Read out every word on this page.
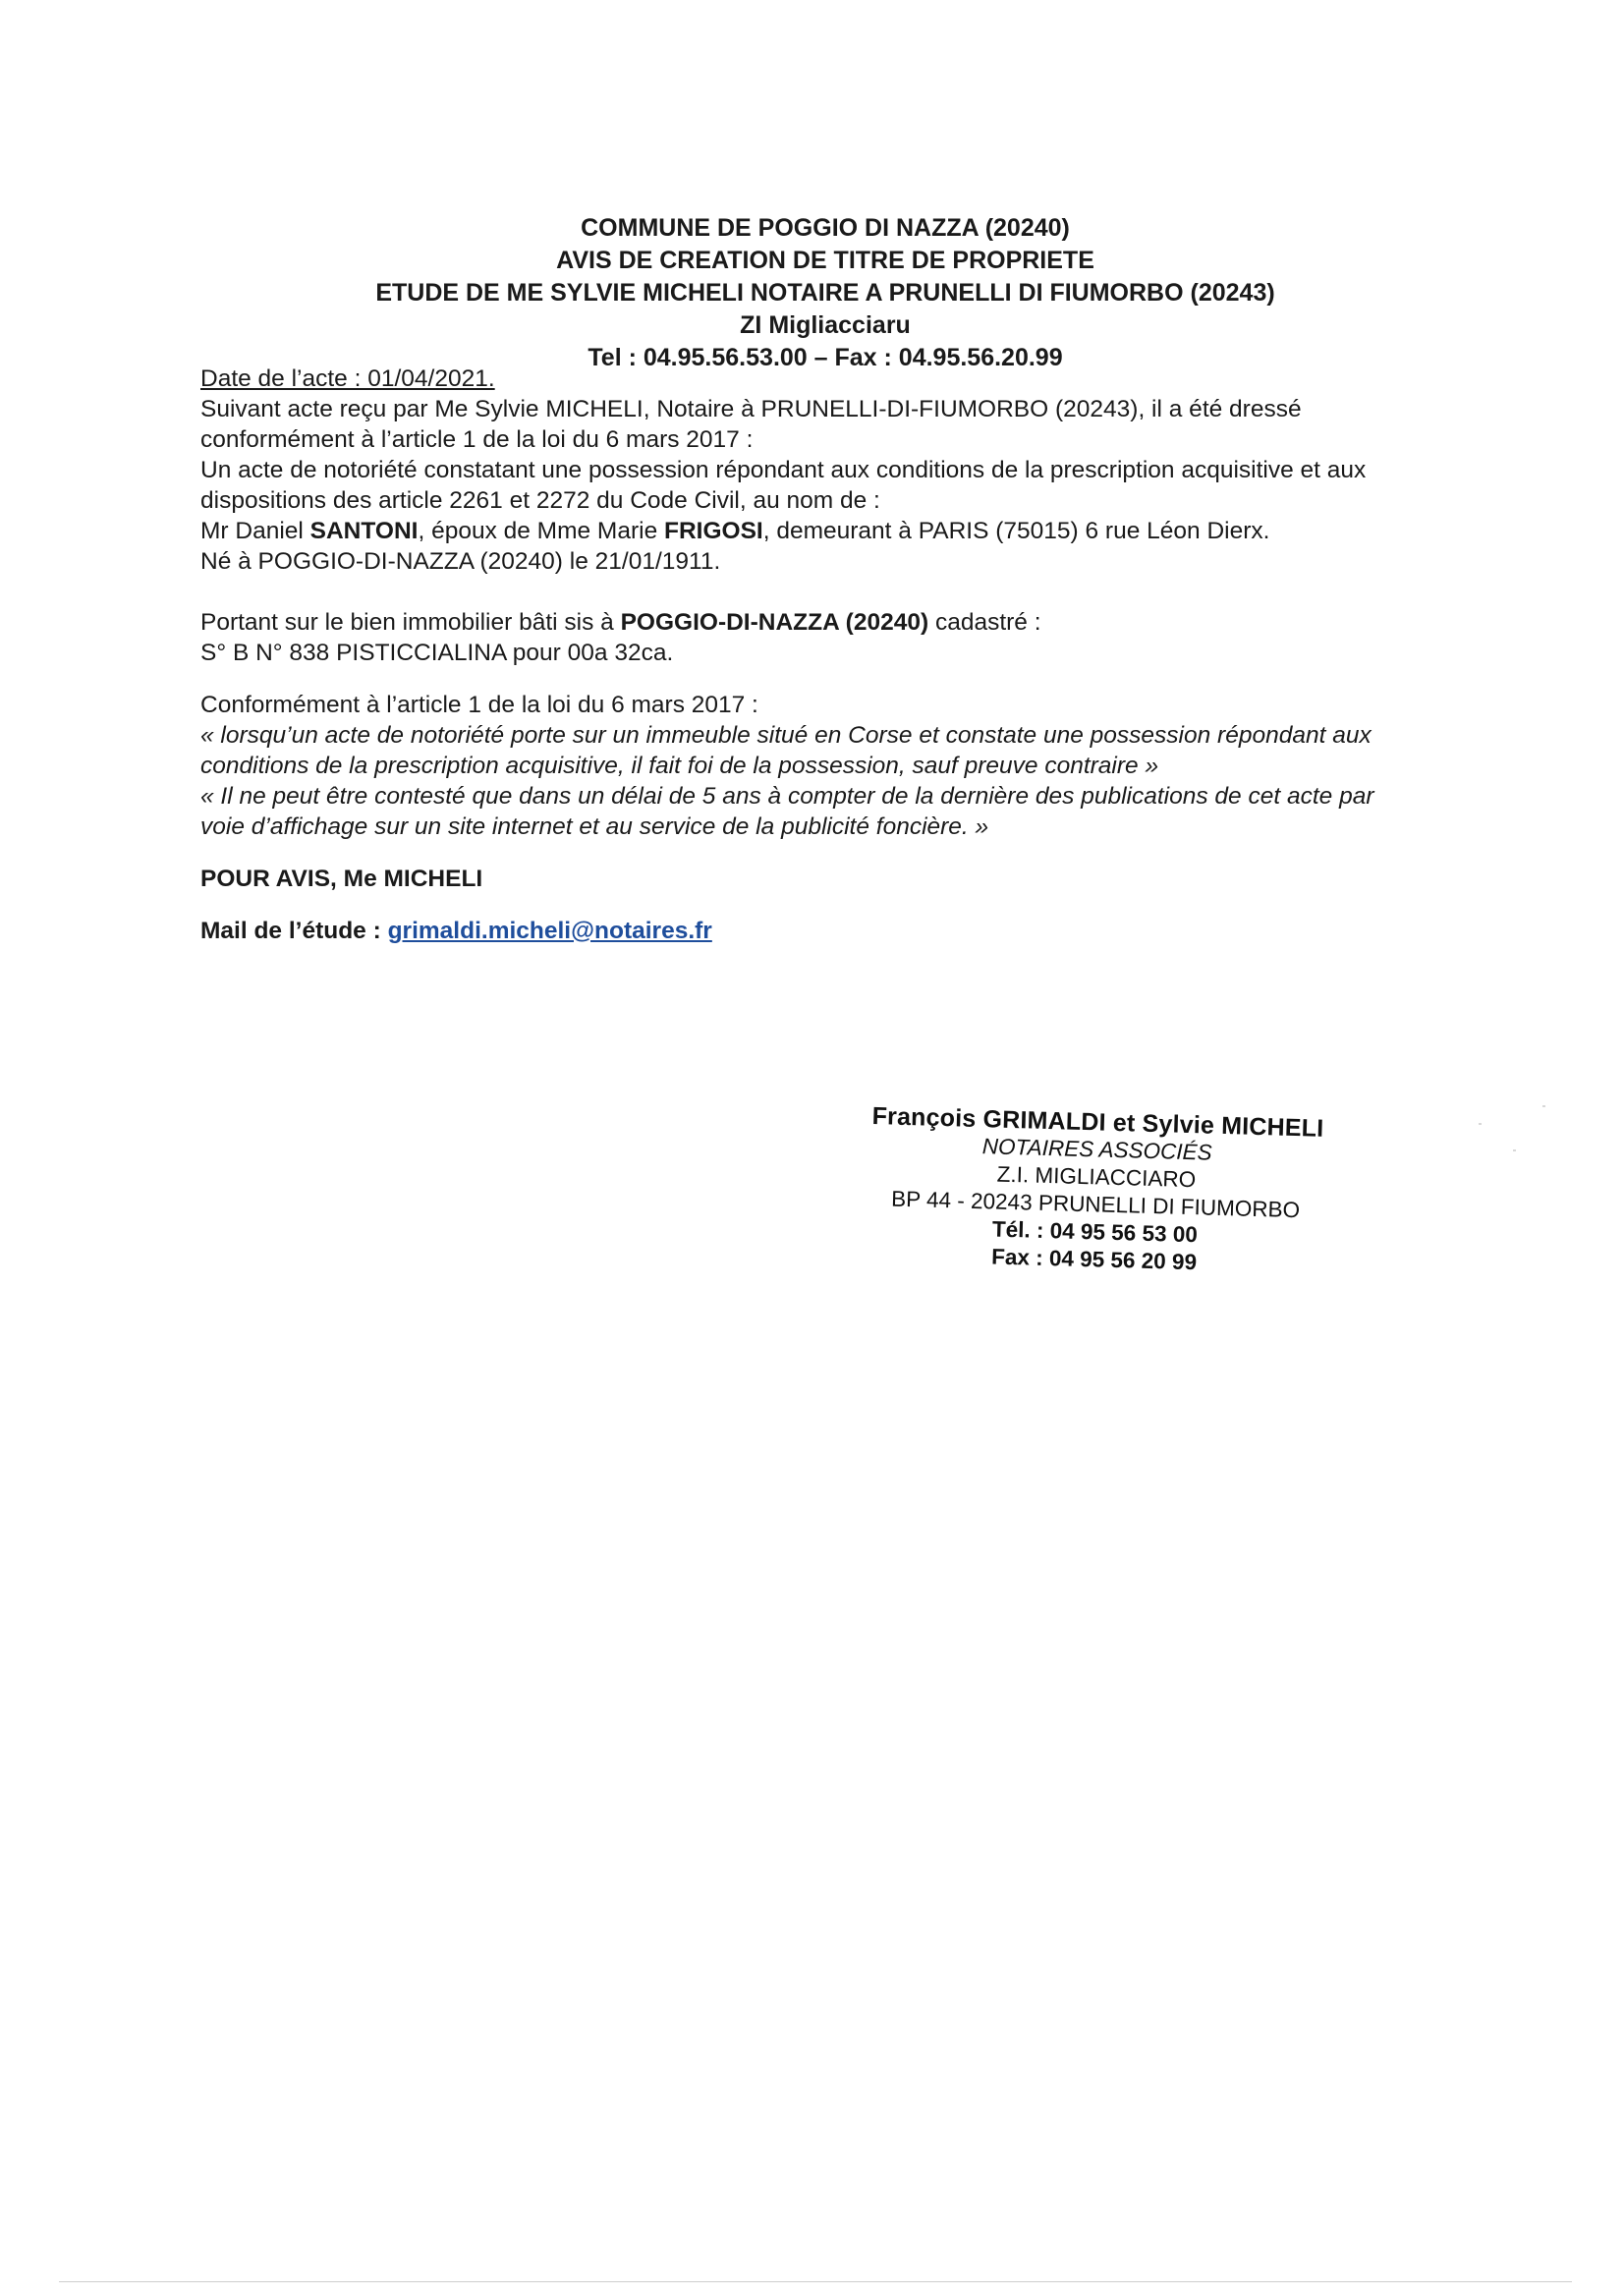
COMMUNE DE POGGIO DI NAZZA (20240)
AVIS DE CREATION DE TITRE DE PROPRIETE
ETUDE DE ME SYLVIE MICHELI NOTAIRE A PRUNELLI DI FIUMORBO (20243)
ZI Migliacciaru
Tel : 04.95.56.53.00 – Fax : 04.95.56.20.99

Date de l’acte : 01/04/2021.

Suivant acte reçu par Me Sylvie MICHELI, Notaire à PRUNELLI-DI-FIUMORBO (20243), il a été dressé

conformément à l’article 1 de la loi du 6 mars 2017 :

Un acte de notoriété constatant une possession répondant aux conditions de la prescription acquisitive et aux

dispositions des article 2261 et 2272 du Code Civil, au nom de :

Mr Daniel SANTONI, époux de Mme Marie FRIGOSI, demeurant à PARIS (75015) 6 rue Léon Dierx.

Né à POGGIO-DI-NAZZA (20240) le 21/01/1911.

Portant sur le bien immobilier bâti sis à POGGIO-DI-NAZZA (20240) cadastré :

S° B N° 838 PISTICCIALINA pour 00a 32ca.

Conformément à l’article 1 de la loi du 6 mars 2017 :

« lorsqu’un acte de notoriété porte sur un immeuble situé en Corse et constate une possession répondant aux

conditions de la prescription acquisitive, il fait foi de la possession, sauf preuve contraire »

« Il ne peut être contesté que dans un délai de 5 ans à compter de la dernière des publications de cet acte par

voie d’affichage sur un site internet et au service de la publicité foncière. »

POUR AVIS, Me MICHELI

Mail de l’étude : grimaldi.micheli@notaires.fr

François GRIMALDI et Sylvie MICHELI
NOTAIRES ASSOCIÉS
Z.I. MIGLIACCIARO
BP 44 - 20243 PRUNELLI DI FIUMORBO
Tél. : 04 95 56 53 00
Fax : 04 95 56 20 99
